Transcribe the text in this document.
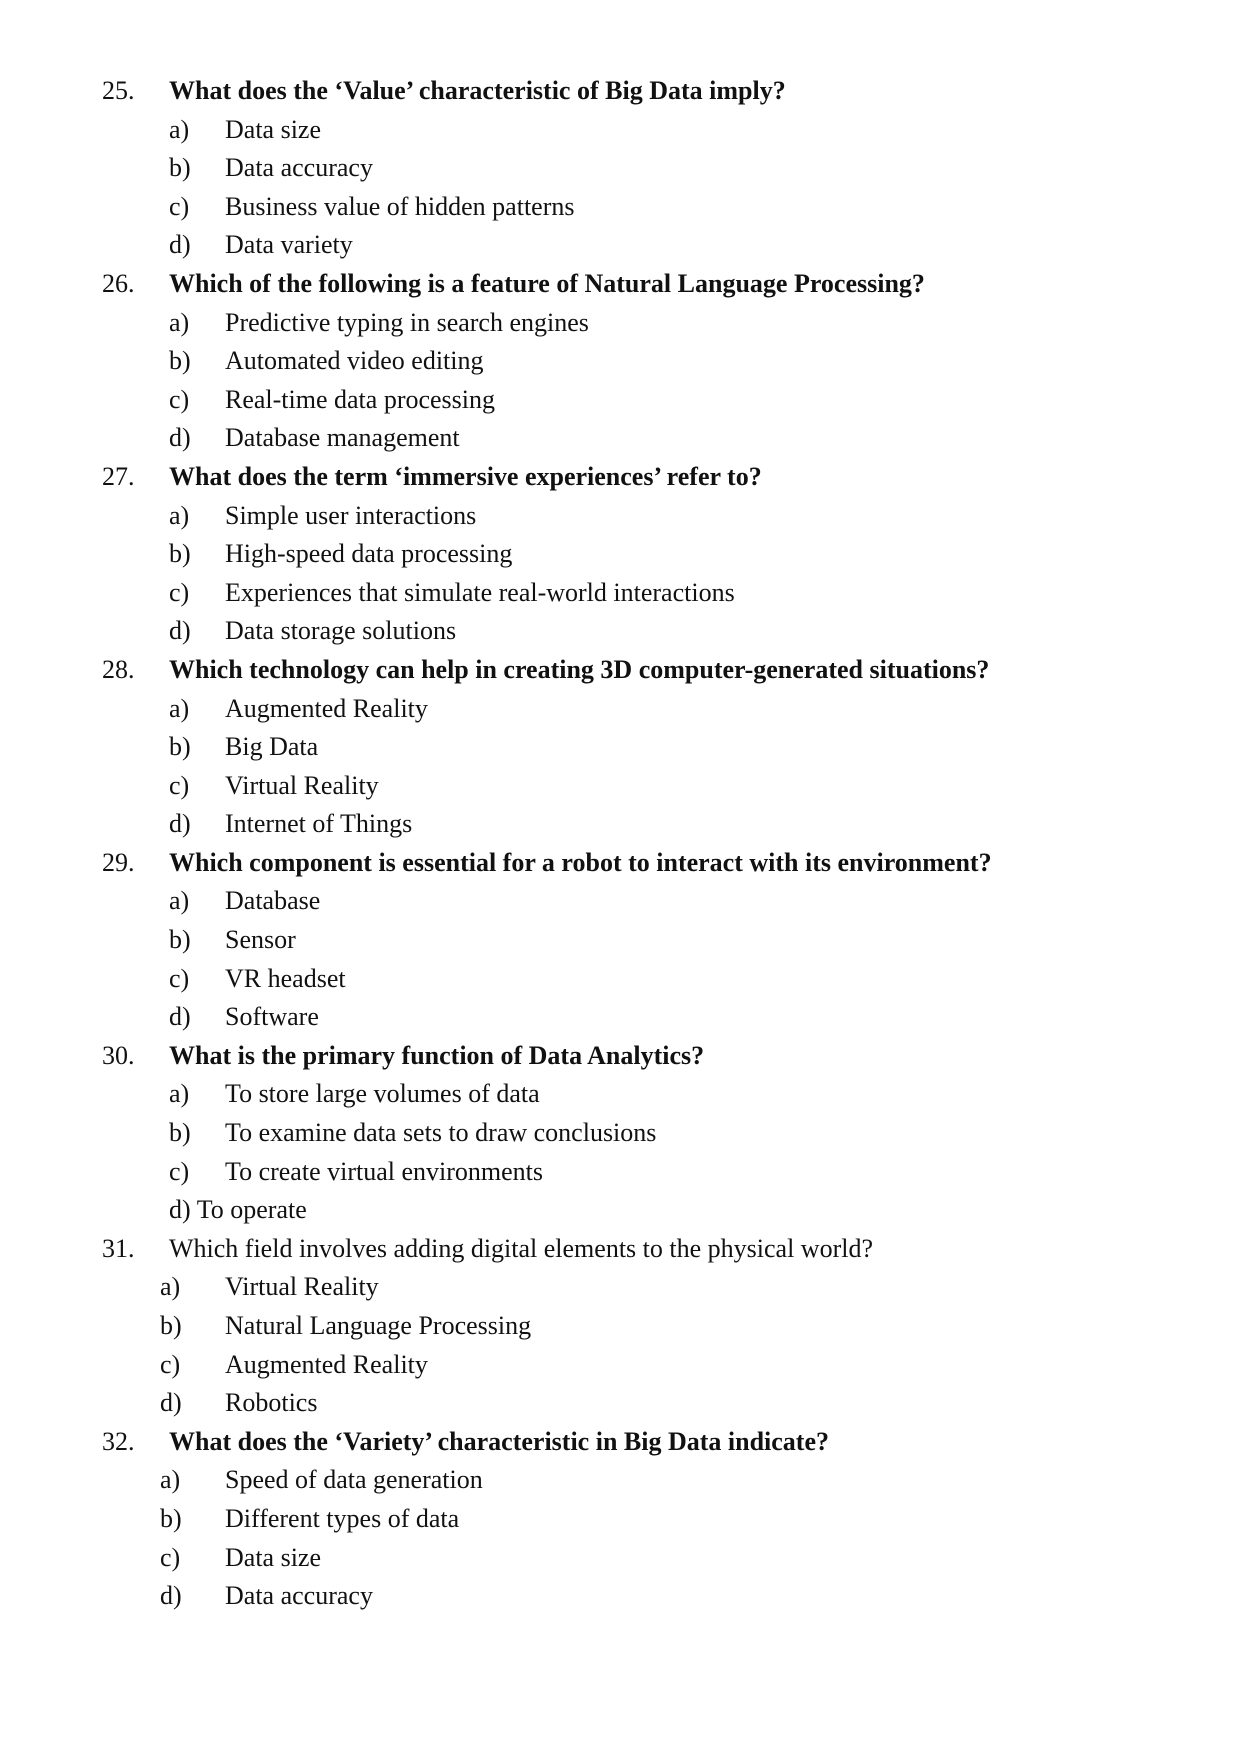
25. What does the ‘Value’ characteristic of Big Data imply?
a) Data size
b) Data accuracy
c) Business value of hidden patterns
d) Data variety
26. Which of the following is a feature of Natural Language Processing?
a) Predictive typing in search engines
b) Automated video editing
c) Real-time data processing
d) Database management
27. What does the term ‘immersive experiences’ refer to?
a) Simple user interactions
b) High-speed data processing
c) Experiences that simulate real-world interactions
d) Data storage solutions
28. Which technology can help in creating 3D computer-generated situations?
a) Augmented Reality
b) Big Data
c) Virtual Reality
d) Internet of Things
29. Which component is essential for a robot to interact with its environment?
a) Database
b) Sensor
c) VR headset
d) Software
30. What is the primary function of Data Analytics?
a) To store large volumes of data
b) To examine data sets to draw conclusions
c) To create virtual environments
d) To operate
31. Which field involves adding digital elements to the physical world?
a) Virtual Reality
b) Natural Language Processing
c) Augmented Reality
d) Robotics
32. What does the ‘Variety’ characteristic in Big Data indicate?
a) Speed of data generation
b) Different types of data
c) Data size
d) Data accuracy
